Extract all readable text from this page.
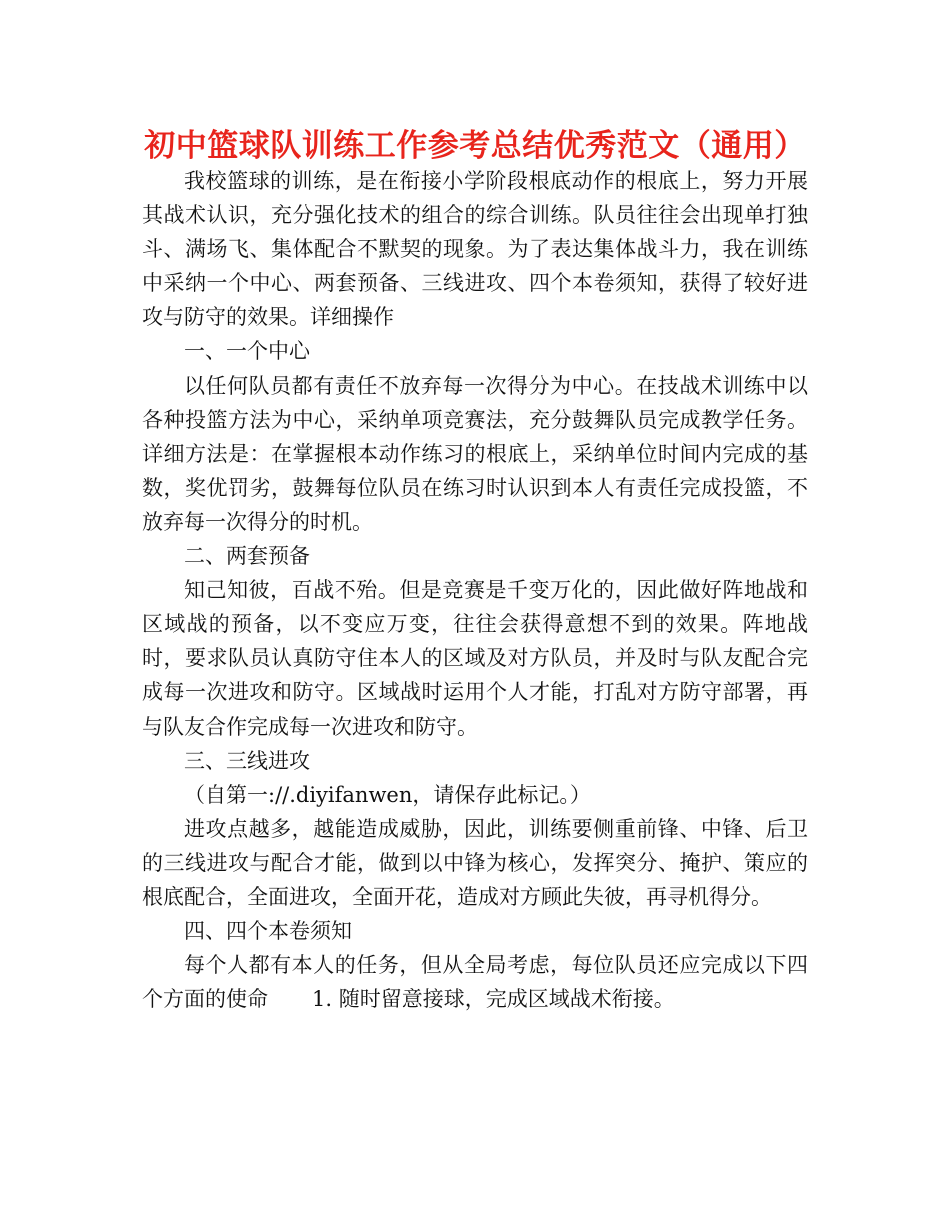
初中篮球队训练工作参考总结优秀范文（通用）

我校篮球的训练，是在衔接小学阶段根底动作的根底上，努力开展其战术认识，充分强化技术的组合的综合训练。队员往往会出现单打独斗、满场飞、集体配合不默契的现象。为了表达集体战斗力，我在训练中采纳一个中心、两套预备、三线进攻、四个本卷须知，获得了较好进攻与防守的效果。详细操作

一、一个中心

以任何队员都有责任不放弃每一次得分为中心。在技战术训练中以各种投篮方法为中心，采纳单项竞赛法，充分鼓舞队员完成教学任务。详细方法是：在掌握根本动作练习的根底上，采纳单位时间内完成的基数，奖优罚劣，鼓舞每位队员在练习时认识到本人有责任完成投篮，不放弃每一次得分的时机。

二、两套预备

知己知彼，百战不殆。但是竞赛是千变万化的，因此做好阵地战和区域战的预备，以不变应万变，往往会获得意想不到的效果。阵地战时，要求队员认真防守住本人的区域及对方队员，并及时与队友配合完成每一次进攻和防守。区域战时运用个人才能，打乱对方防守部署，再与队友合作完成每一次进攻和防守。

三、三线进攻

（自第一:/​/.diyifanwen，请保存此标记。）

进攻点越多，越能造成威胁，因此，训练要侧重前锋、中锋、后卫的三线进攻与配合才能，做到以中锋为核心，发挥突分、掩护、策应的根底配合，全面进攻，全面开花，造成对方顾此失彼，再寻机得分。

四、四个本卷须知

每个人都有本人的任务，但从全局考虑，每位队员还应完成以下四个方面的使命 1. 随时留意接球，完成区域战术衔接。
